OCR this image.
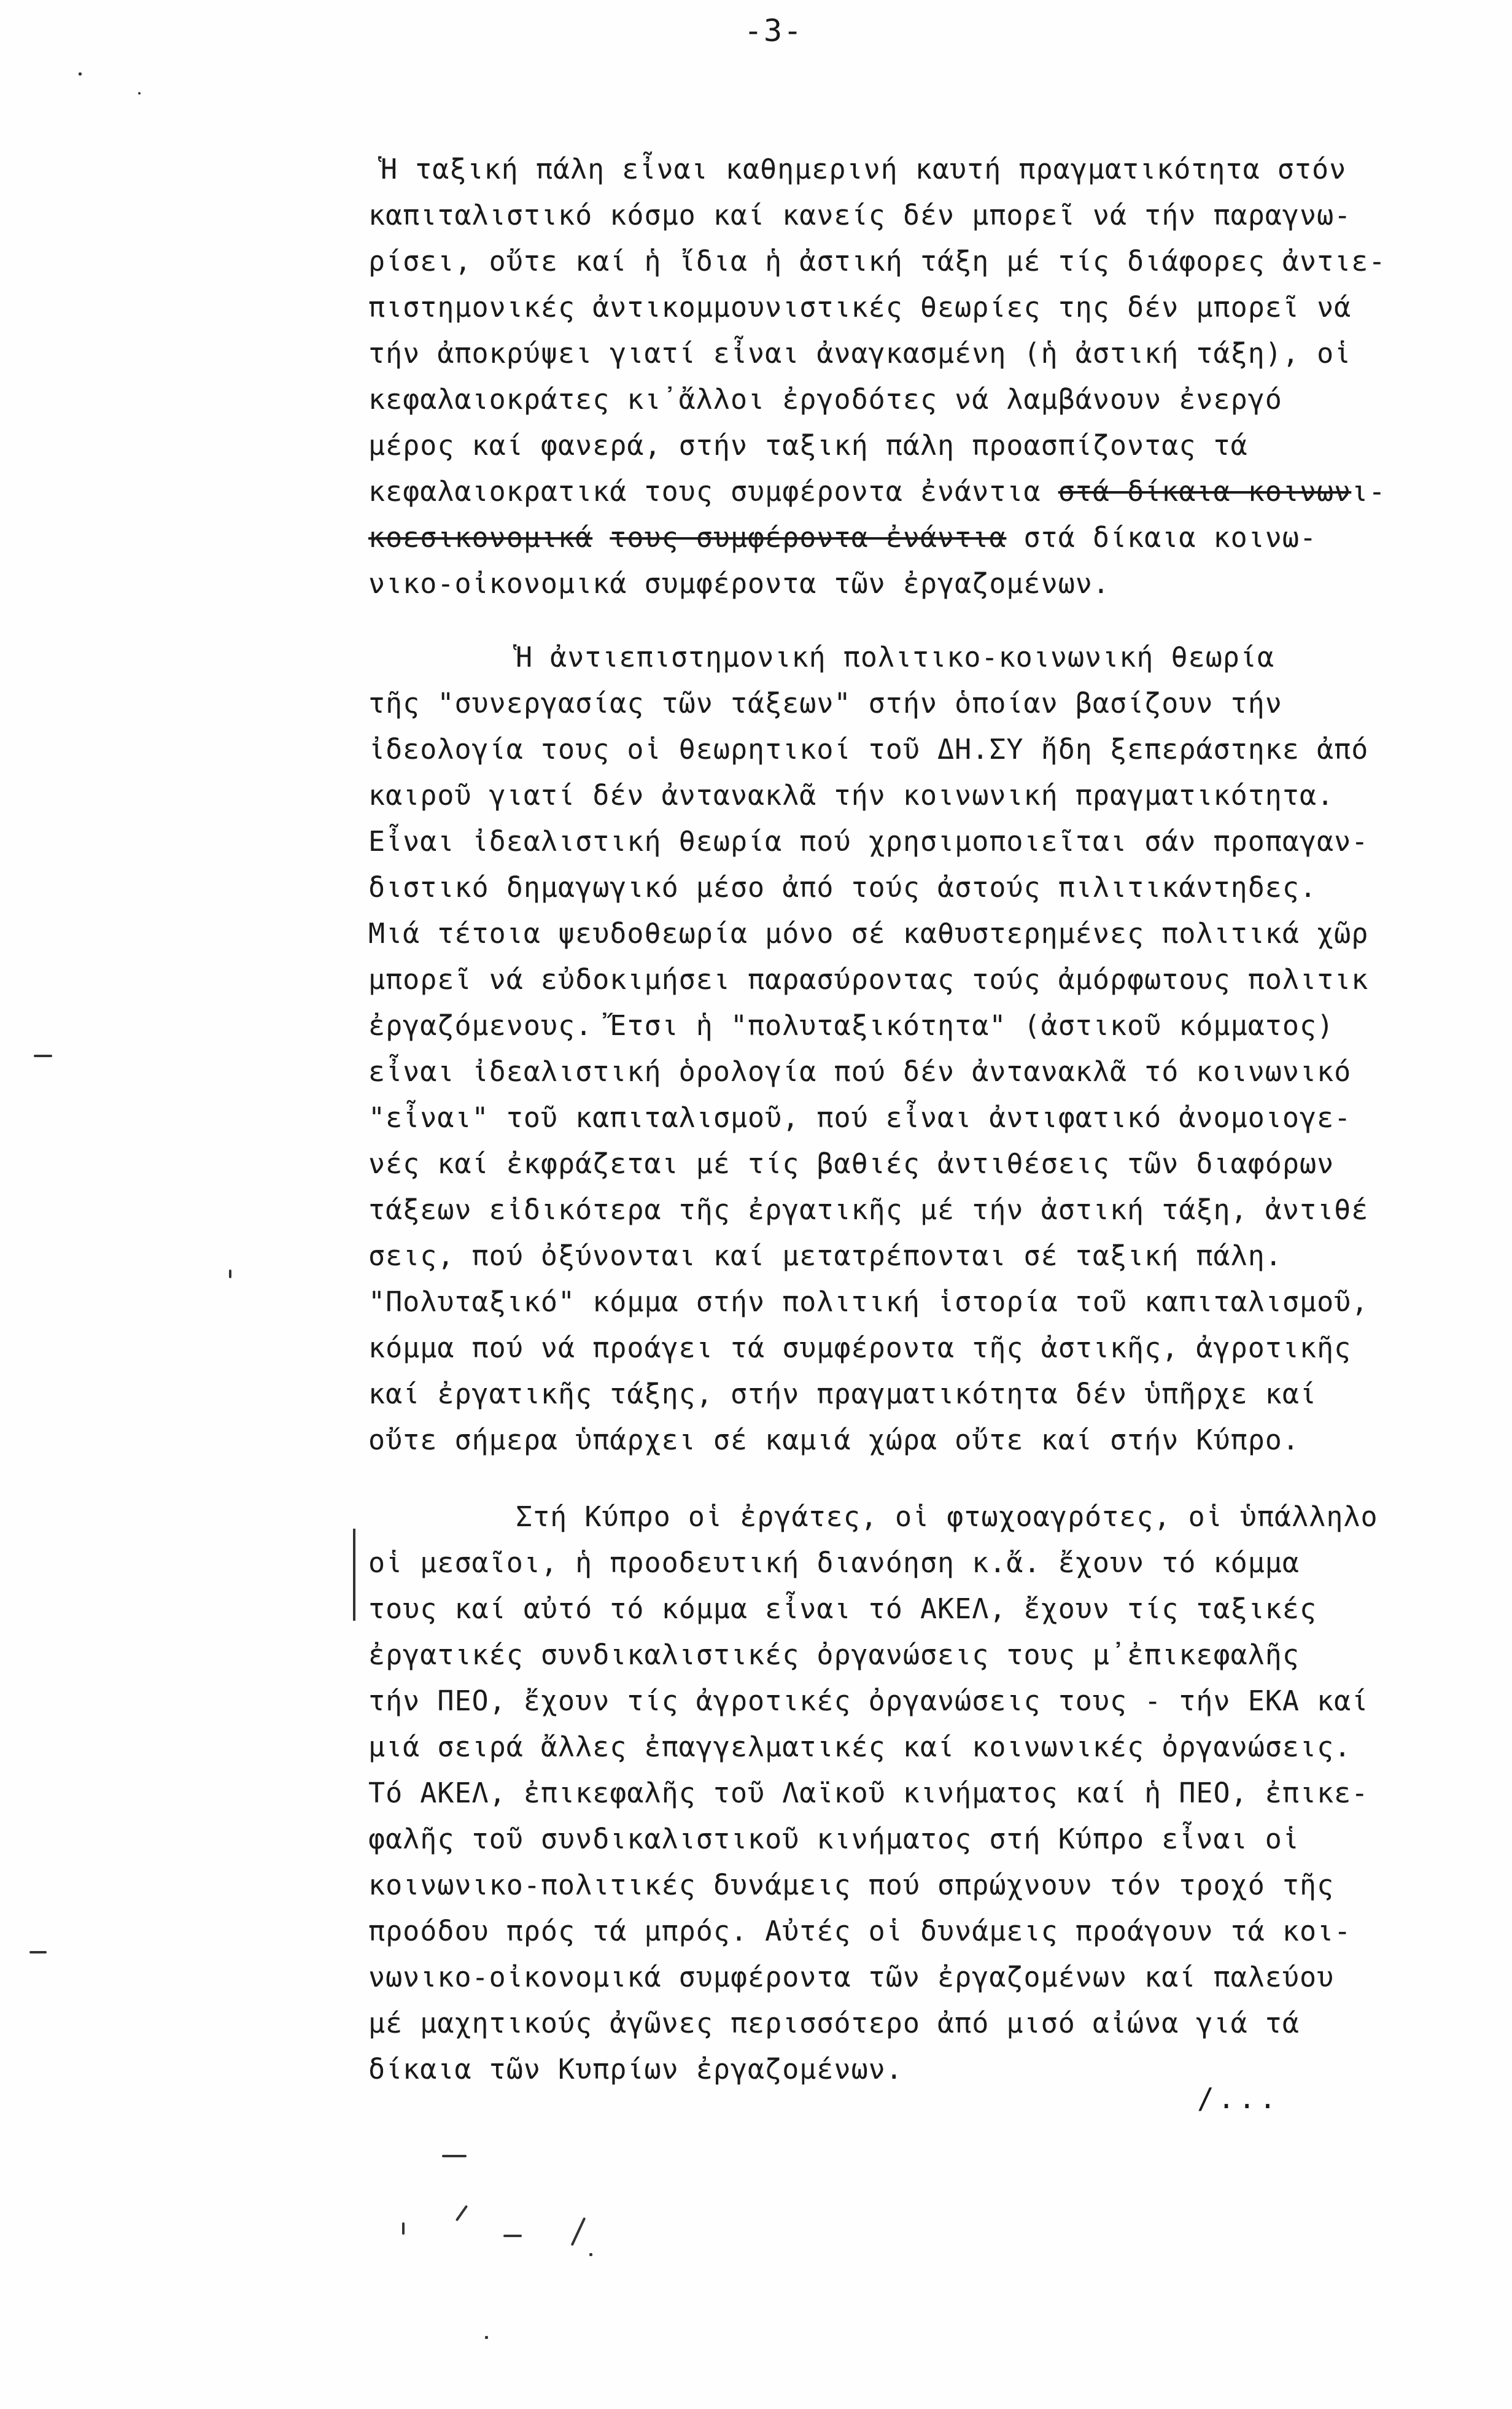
-3-
Ἡ ταξική πάλη εἶναι καθημερινή καυτή πραγματικότητα στόν
καπιταλιστικό κόσμο καί κανείς δέν μπορεῖ νά τήν παραγνω-
ρίσει, οὔτε καί ἡ ἴδια ἡ ἀστική τάξη μέ τίς διάφορες ἀντιε-
πιστημονικές ἀντικομμουνιστικές θεωρίες της δέν μπορεῖ νά
τήν ἀποκρύψει γιατί εἶναι ἀναγκασμένη (ἡ ἀστική τάξη), οἱ
κεφαλαιοκράτες κι᾽ἄλλοι ἐργοδότες νά λαμβάνουν ἐνεργό
μέρος καί φανερά, στήν ταξική πάλη προασπίζοντας τά
κεφαλαιοκρατικά τους συμφέροντα ἐνάντια στά δίκαια κοινωνι-
κοεσικονομικά τους συμφέροντα ἐνάντια στά δίκαια κοινω-
νικο-οἰκονομικά συμφέροντα τῶν ἐργαζομένων.
Ἡ ἀντιεπιστημονική πολιτικο-κοινωνική θεωρία
τῆς "συνεργασίας τῶν τάξεων" στήν ὁποίαν βασίζουν τήν
ἰδεολογία τους οἱ θεωρητικοί τοῦ ΔΗ.ΣΥ ἤδη ξεπεράστηκε ἀπό
καιροῦ γιατί δέν ἀντανακλᾶ τήν κοινωνική πραγματικότητα.
Εἶναι ἰδεαλιστική θεωρία πού χρησιμοποιεῖται σάν προπαγαν-
διστικό δημαγωγικό μέσο ἀπό τούς ἀστούς πιλιτικάντηδες.
Μιά τέτοια ψευδοθεωρία μόνο σέ καθυστερημένες πολιτικά χῶρ
μπορεῖ νά εὐδοκιμήσει παρασύροντας τούς ἀμόρφωτους πολιτικ
ἐργαζόμενους. Ἔτσι ἡ "πολυταξικότητα" (ἀστικοῦ κόμματος)
εἶναι ἰδεαλιστική ὁρολογία πού δέν ἀντανακλᾶ τό κοινωνικό
"εἶναι" τοῦ καπιταλισμοῦ, πού εἶναι ἀντιφατικό ἀνομοιογε-
νές καί ἐκφράζεται μέ τίς βαθιές ἀντιθέσεις τῶν διαφόρων
τάξεων εἰδικότερα τῆς ἐργατικῆς μέ τήν ἀστική τάξη, ἀντιθέ
σεις, πού ὀξύνονται καί μετατρέπονται σέ ταξική πάλη.
"Πολυταξικό" κόμμα στήν πολιτική ἱστορία τοῦ καπιταλισμοῦ,
κόμμα πού νά προάγει τά συμφέροντα τῆς ἀστικῆς, ἀγροτικῆς
καί ἐργατικῆς τάξης, στήν πραγματικότητα δέν ὑπῆρχε καί
οὔτε σήμερα ὑπάρχει σέ καμιά χώρα οὔτε καί στήν Κύπρο.
Στή Κύπρο οἱ ἐργάτες, οἱ φτωχοαγρότες, οἱ ὑπάλληλο
οἱ μεσαῖοι, ἡ προοδευτική διανόηση κ.ἄ. ἔχουν τό κόμμα
τους καί αὐτό τό κόμμα εἶναι τό ΑΚΕΛ, ἔχουν τίς ταξικές
ἐργατικές συνδικαλιστικές ὀργανώσεις τους μ᾽ἐπικεφαλῆς
τήν ΠΕΟ, ἔχουν τίς ἀγροτικές ὀργανώσεις τους - τήν ΕΚΑ καί
μιά σειρά ἄλλες ἐπαγγελματικές καί κοινωνικές ὀργανώσεις.
Τό ΑΚΕΛ, ἐπικεφαλῆς τοῦ Λαϊκοῦ κινήματος καί ἡ ΠΕΟ, ἐπικε-
φαλῆς τοῦ συνδικαλιστικοῦ κινήματος στή Κύπρο εἶναι οἱ
κοινωνικο-πολιτικές δυνάμεις πού σπρώχνουν τόν τροχό τῆς
προόδου πρός τά μπρός. Αὐτές οἱ δυνάμεις προάγουν τά κοι-
νωνικο-οἰκονομικά συμφέροντα τῶν ἐργαζομένων καί παλεύου
μέ μαχητικούς ἀγῶνες περισσότερο ἀπό μισό αἰώνα γιά τά
δίκαια τῶν Κυπρίων ἐργαζομένων.
/...
